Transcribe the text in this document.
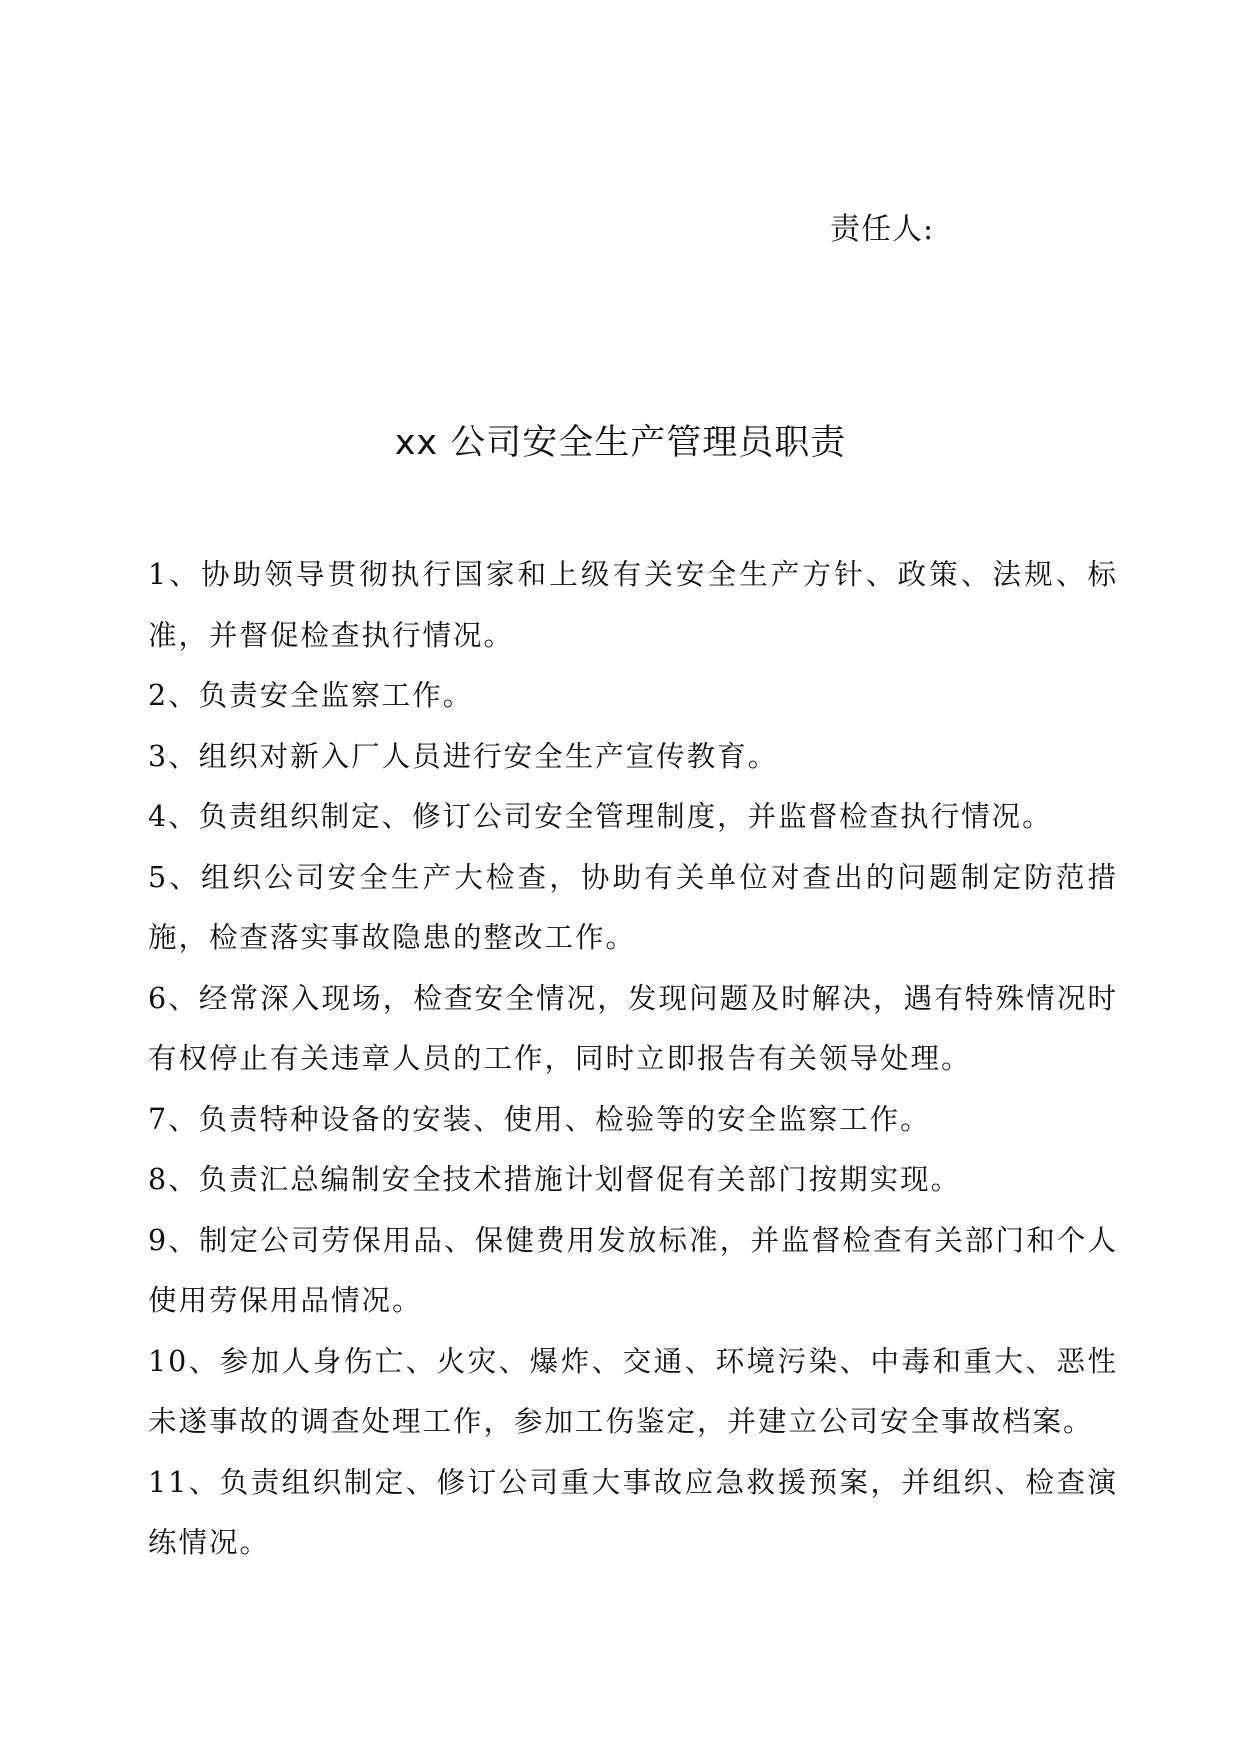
责任人:
xx 公司安全生产管理员职责
1、协助领导贯彻执行国家和上级有关安全生产方针、政策、法规、标准，并督促检查执行情况。
2、负责安全监察工作。
3、组织对新入厂人员进行安全生产宣传教育。
4、负责组织制定、修订公司安全管理制度，并监督检查执行情况。
5、组织公司安全生产大检查，协助有关单位对查出的问题制定防范措施，检查落实事故隐患的整改工作。
6、经常深入现场，检查安全情况，发现问题及时解决，遇有特殊情况时有权停止有关违章人员的工作，同时立即报告有关领导处理。
7、负责特种设备的安装、使用、检验等的安全监察工作。
8、负责汇总编制安全技术措施计划督促有关部门按期实现。
9、制定公司劳保用品、保健费用发放标准，并监督检查有关部门和个人使用劳保用品情况。
10、参加人身伤亡、火灾、爆炸、交通、环境污染、中毒和重大、恶性未遂事故的调查处理工作，参加工伤鉴定，并建立公司安全事故档案。
11、负责组织制定、修订公司重大事故应急救援预案，并组织、检查演练情况。
